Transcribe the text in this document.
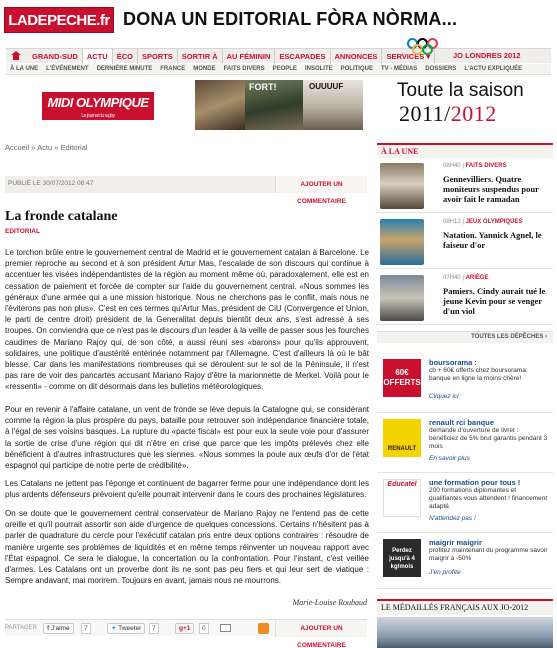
LADEPECHE.fr DONA UN EDITORIAL FÒRA NÒRMA...
GRAND-SUD	ACTU	ÉCO	SPORTS	SORTIR À	AU FÉMININ	ESCAPADES	ANNONCES	SERVICES ▾	JO LONDRES 2012
À LA UNE	L'ÉVÉNEMENT	DERNIÈRE MINUTE	FRANCE	MONDE	FAITS DIVERS	PEOPLE	INSOLITE	POLITIQUE	TV - MÉDIAS	DOSSIERS	L'ACTU EXPLIQUÉE
MIDI OLYMPIQUE
Le journal du rugby
FORT!	OUUUUF	Toute la saison
2011/2012
Accueil » Actu » Editorial
PUBLIÉ LE 30/07/2012 08:47	AJOUTER UN COMMENTAIRE
La fronde catalane
EDITORIAL
Le torchon brûle entre le gouvernement central de Madrid et le gouvernement catalan à Barcelone. Le premier reproche au second et à son président Artur Mas, l'escalade de son discours qui continue à accentuer les visées indépendantistes de la région au moment même où, paradoxalement, elle est en cessation de paiement et forcée de compter sur l'aide du gouvernement central. «Nous sommes les généraux d'une armée qui a une mission historique. Nous ne cherchons pas le conflit, mais nous ne l'éviterons pas non plus». C'est en ces termes qu'Artur Mas, président de CiU (Convergence et Union, le parti de centre droit) président de la Generalitat depuis bientôt deux ans, s'est adressé à ses troupes. On conviendra que ce n'est pas le discours d'un leader à la veille de passer sous les fourches caudines de Mariano Rajoy qui, de son côté, a aussi réuni ses «barons» pour qu'ils approuvent, solidaires, une politique d'austérité entérinée notamment par l'Allemagne. C'est d'ailleurs là où le bât blesse. Car dans les manifestations nombreuses qui se déroulent sur le sol de la Péninsule, il n'est pas rare de voir des pancartes accusant Mariano Rajoy d'être la marionnette de Merkel. Voilà pour le «ressenti» - comme on dit désormais dans les bulletins météorologiques.
Pour en revenir à l'affaire catalane, un vent de fronde se lève depuis la Catalogne qui, se considérant comme la région la plus prospère du pays, bataille pour retrouver son indépendance financière totale, à l'égal de ses voisins basques. La rupture du «pacte fiscal» est pour eux la seule voie pour d'assurer la sortie de crise d'une région qui dit n'être en crise que parce que les impôts prélevés chez elle bénéficient à d'autres infrastructures que les siennes. «Nous sommes la poule aux œufs d'or de l'état espagnol qui participe de notre perte de crédibilité».
Les Catalans ne jettent pas l'éponge et continuent de bagarrer ferme pour une indépendance dont les plus ardents défenseurs prévoient qu'elle pourrait intervenir dans le cours des prochaines législatures.
On se doute que le gouvernement central conservateur de Mariano Rajoy ne l'entend pas de cette oreille et qu'il pourrait assortir son aide d'urgence de quelques concessions. Certains n'hésitent pas à parler de quadrature du cercle pour l'exécutif catalan pris entre deux options contraires : résoudre de manière urgente ses problèmes de liquidités et en même temps réinventer un nouveau rapport avec l'État espagnol. Ce sera le dialogue, la concertation ou la confrontation. Pour l'instant, c'est veillée d'armes. Les Catalans ont un proverbe dont ils ne sont pas peu fiers et qui leur sert de viatique : Sempre andavant, mai morirem. Toujours en avant, jamais nous ne mourrons.
Marie-Louise Roubaud
PARTAGER	f J'aime	7	✦ Tweeter	7	g+1	0	AJOUTER UN COMMENTAIRE
À LA UNE
08H40 | FAITS DIVERS
Gennevilliers. Quatre moniteurs suspendus pour avoir fait le ramadan
08H12 | JEUX OLYMPIQUES
Natation. Yannick Agnel, le faiseur d'or
07H40 | ARIÈGE
Pamiers. Cindy aurait tué le jeune Kevin pour se venger d'un viol
TOUTES LES DÉPÊCHES ›
60€ OFFERTS
boursorama :
cb + 60€ offerts chez boursorama: banque en ligne la moins chère!
Cliquez ici
RENAULT
renault rci banque
demande d'ouverture de livret : bénéficiez de 5% brut garantis pendant 3 mois
En savoir plus
Educatel	une formation pour tous !
200 formations diplomantes et qualifiantes vous attendent ! financement adapté.
N'attendez pas !
Perdez jusqu'à 4 kg/mois
maigrir maigrir
profitez maintenant du programme savoir maigrir à -50%
J'en profite
LE MÉDAILLÉS FRANÇAIS AUX JO-2012
